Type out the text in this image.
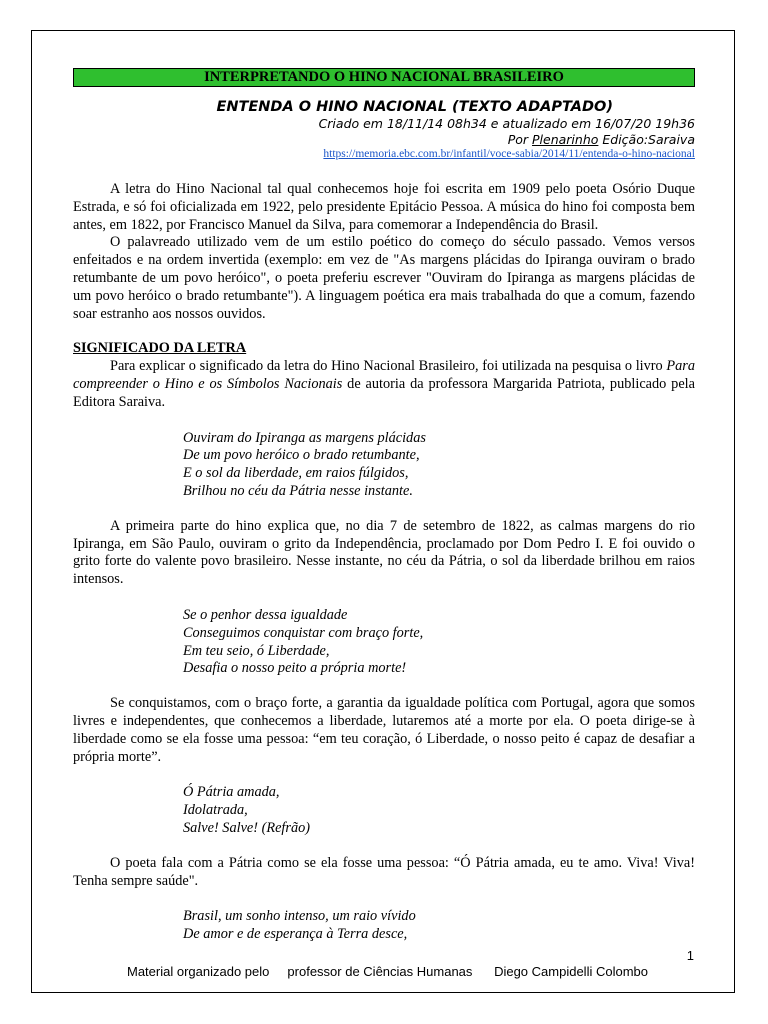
INTERPRETANDO O HINO NACIONAL BRASILEIRO
ENTENDA O HINO NACIONAL (TEXTO ADAPTADO)
Criado em 18/11/14 08h34 e atualizado em 16/07/20 19h36
Por Plenarinho Edição:Saraiva
https://memoria.ebc.com.br/infantil/voce-sabia/2014/11/entenda-o-hino-nacional

A letra do Hino Nacional tal qual conhecemos hoje foi escrita em 1909 pelo poeta Osório Duque Estrada, e só foi oficializada em 1922, pelo presidente Epitácio Pessoa. A música do hino foi composta bem antes, em 1822, por Francisco Manuel da Silva, para comemorar a Independência do Brasil.

O palavreado utilizado vem de um estilo poético do começo do século passado. Vemos versos enfeitados e na ordem invertida (exemplo: em vez de "As margens plácidas do Ipiranga ouviram o brado retumbante de um povo heróico", o poeta preferiu escrever "Ouviram do Ipiranga as margens plácidas de um povo heróico o brado retumbante"). A linguagem poética era mais trabalhada do que a comum, fazendo soar estranho aos nossos ouvidos.

SIGNIFICADO DA LETRA

Para explicar o significado da letra do Hino Nacional Brasileiro, foi utilizada na pesquisa o livro Para compreender o Hino e os Símbolos Nacionais de autoria da professora Margarida Patriota, publicado pela Editora Saraiva.

Ouviram do Ipiranga as margens plácidas
De um povo heróico o brado retumbante,
E o sol da liberdade, em raios fúlgidos,
Brilhou no céu da Pátria nesse instante.

A primeira parte do hino explica que, no dia 7 de setembro de 1822, as calmas margens do rio Ipiranga, em São Paulo, ouviram o grito da Independência, proclamado por Dom Pedro I. E foi ouvido o grito forte do valente povo brasileiro. Nesse instante, no céu da Pátria, o sol da liberdade brilhou em raios intensos.

Se o penhor dessa igualdade
Conseguimos conquistar com braço forte,
Em teu seio, ó Liberdade,
Desafia o nosso peito a própria morte!

Se conquistamos, com o braço forte, a garantia da igualdade política com Portugal, agora que somos livres e independentes, que conhecemos a liberdade, lutaremos até a morte por ela. O poeta dirige-se à liberdade como se ela fosse uma pessoa: “em teu coração, ó Liberdade, o nosso peito é capaz de desafiar a própria morte”.

Ó Pátria amada,
Idolatrada,
Salve! Salve! (Refrão)

O poeta fala com a Pátria como se ela fosse uma pessoa: “Ó Pátria amada, eu te amo. Viva! Viva! Tenha sempre saúde".

Brasil, um sonho intenso, um raio vívido
De amor e de esperança à Terra desce,
1
Material organizado pelo     professor de Ciências Humanas      Diego Campidelli Colombo
